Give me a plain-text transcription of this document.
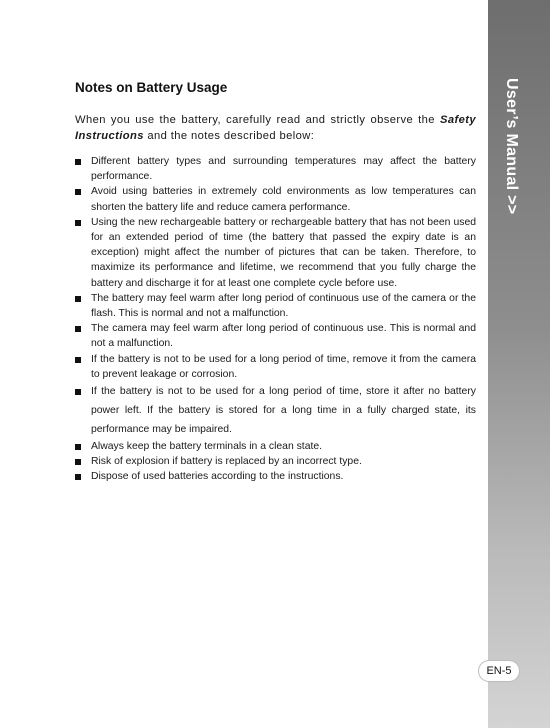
User’s Manual >>
EN-5
Notes on Battery Usage

When you use the battery, carefully read and strictly observe the Safety Instructions and the notes described below:

Different battery types and surrounding temperatures may affect the battery performance.
Avoid using batteries in extremely cold environments as low temperatures can shorten the battery life and reduce camera performance.
Using the new rechargeable battery or rechargeable battery that has not been used for an extended period of time (the battery that passed the expiry date is an exception) might affect the number of pictures that can be taken. Therefore, to maximize its performance and lifetime, we recommend that you fully charge the battery and discharge it for at least one complete cycle before use.
The battery may feel warm after long period of continuous use of the camera or the flash. This is normal and not a malfunction.
The camera may feel warm after long period of continuous use. This is normal and not a malfunction.
If the battery is not to be used for a long period of time, remove it from the camera to prevent leakage or corrosion.
If the battery is not to be used for a long period of time, store it after no battery power left. If the battery is stored for a long time in a fully charged state, its performance may be impaired.
Always keep the battery terminals in a clean state.
Risk of explosion if battery is replaced by an incorrect type.
Dispose of used batteries according to the instructions.
